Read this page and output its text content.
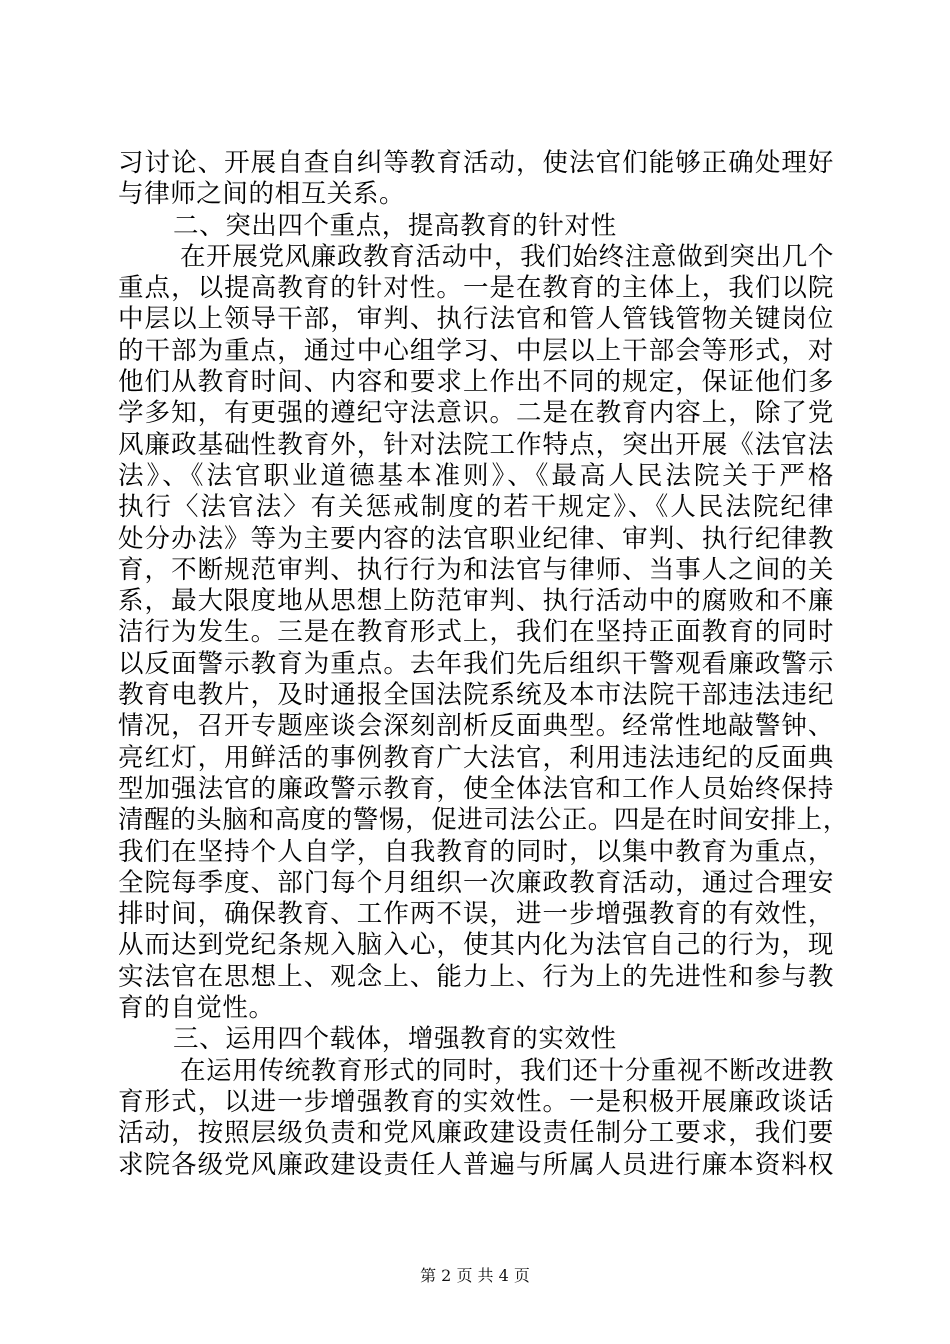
习讨论、开展自查自纠等教育活动，使法官们能够正确处理好
与律师之间的相互关系。
二、突出四个重点，提高教育的针对性
在开展党风廉政教育活动中，我们始终注意做到突出几个
重点，以提高教育的针对性。一是在教育的主体上，我们以院
中层以上领导干部，审判、执行法官和管人管钱管物关键岗位
的干部为重点，通过中心组学习、中层以上干部会等形式，对
他们从教育时间、内容和要求上作出不同的规定，保证他们多
学多知，有更强的遵纪守法意识。二是在教育内容上，除了党
风廉政基础性教育外，针对法院工作特点，突出开展《法官法
法》、《法官职业道德基本准则》、《最高人民法院关于严格
执行〈法官法〉有关惩戒制度的若干规定》、《人民法院纪律
处分办法》等为主要内容的法官职业纪律、审判、执行纪律教
育，不断规范审判、执行行为和法官与律师、当事人之间的关
系，最大限度地从思想上防范审判、执行活动中的腐败和不廉
洁行为发生。三是在教育形式上，我们在坚持正面教育的同时
以反面警示教育为重点。去年我们先后组织干警观看廉政警示
教育电教片，及时通报全国法院系统及本市法院干部违法违纪
情况，召开专题座谈会深刻剖析反面典型。经常性地敲警钟、
亮红灯，用鲜活的事例教育广大法官，利用违法违纪的反面典
型加强法官的廉政警示教育，使全体法官和工作人员始终保持
清醒的头脑和高度的警惕，促进司法公正。四是在时间安排上，
我们在坚持个人自学，自我教育的同时，以集中教育为重点，
全院每季度、部门每个月组织一次廉政教育活动，通过合理安
排时间，确保教育、工作两不误，进一步增强教育的有效性，
从而达到党纪条规入脑入心，使其内化为法官自己的行为，现
实法官在思想上、观念上、能力上、行为上的先进性和参与教
育的自觉性。
三、运用四个载体，增强教育的实效性
在运用传统教育形式的同时，我们还十分重视不断改进教
育形式，以进一步增强教育的实效性。一是积极开展廉政谈话
活动，按照层级负责和党风廉政建设责任制分工要求，我们要
求院各级党风廉政建设责任人普遍与所属人员进行廉本资料权
第 2 页 共 4 页
